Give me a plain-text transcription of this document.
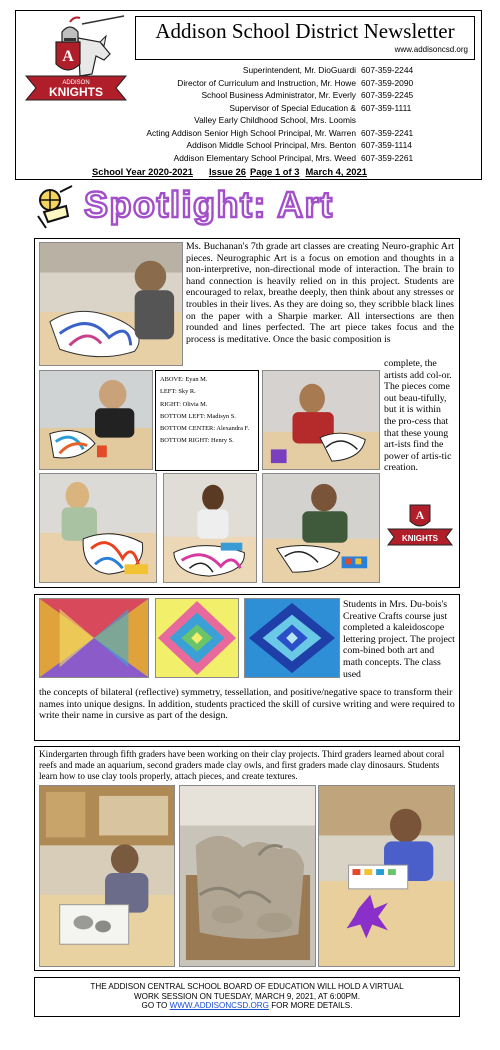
A
ADDISON
KNIGHTS
Addison School District Newsletter
www.addisoncsd.org
Superintendent, Mr. DioGuardi
Director of Curriculum and Instruction, Mr. Howe
School Business Administrator, Mr. Everly
Supervisor of Special Education &
Valley Early Childhood School, Mrs. Loomis
Acting Addison Senior High School Principal, Mr. Warren
Addison Middle School Principal, Mrs. Benton
Addison Elementary School Principal, Mrs. Weed
607-359-2244
607-359-2090
607-359-2245
607-359-1111
607-359-2241
607-359-1114
607-359-2261
School Year 2020-2021 Issue 26 Page 1 of 3 March 4, 2021
Spotlight: Art
ABOVE: Eyan M.
LEFT: Sky R.
RIGHT: Olivia M.
BOTTOM LEFT: Madisyn S.
BOTTOM CENTER: Alexandra F.
BOTTOM RIGHT: Henry S.
A
KNIGHTS
Ms. Buchanan's 7th grade art classes are creating Neuro-graphic Art pieces. Neurographic Art is a focus on emotion and thoughts in a non-interpretive, non-directional mode of interaction. The brain to hand connection is heavily relied on in this project. Students are encouraged to relax, breathe deeply, then think about any stresses or troubles in their lives. As they are doing so, they scribble black lines on the paper with a Sharpie marker. All intersections are then rounded and lines perfected. The art piece takes focus and the process is meditative. Once the basic composition is
complete, the artists add col-or. The pieces come out beau-tifully, but it is within the pro-cess that that these young art-ists find the power of artis-tic creation.
Students in Mrs. Du-bois's Creative Crafts course just completed a kaleidoscope lettering project. The project com-bined both art and math concepts. The class used
the concepts of bilateral (reflective) symmetry, tessellation, and positive/negative space to transform their names into unique designs. In addition, students practiced the skill of cursive writing and were required to write their name in cursive as part of the design.
Kindergarten through fifth graders have been working on their clay projects. Third graders learned about coral reefs and made an aquarium, second graders made clay owls, and first graders made clay dinosaurs. Students learn how to use clay tools properly, attach pieces, and create textures.
THE ADDISON CENTRAL SCHOOL BOARD OF EDUCATION WILL HOLD A VIRTUAL
WORK SESSION ON TUESDAY, MARCH 9, 2021, AT 6:00PM.
GO TO WWW.ADDISONCSD.ORG FOR MORE DETAILS.
